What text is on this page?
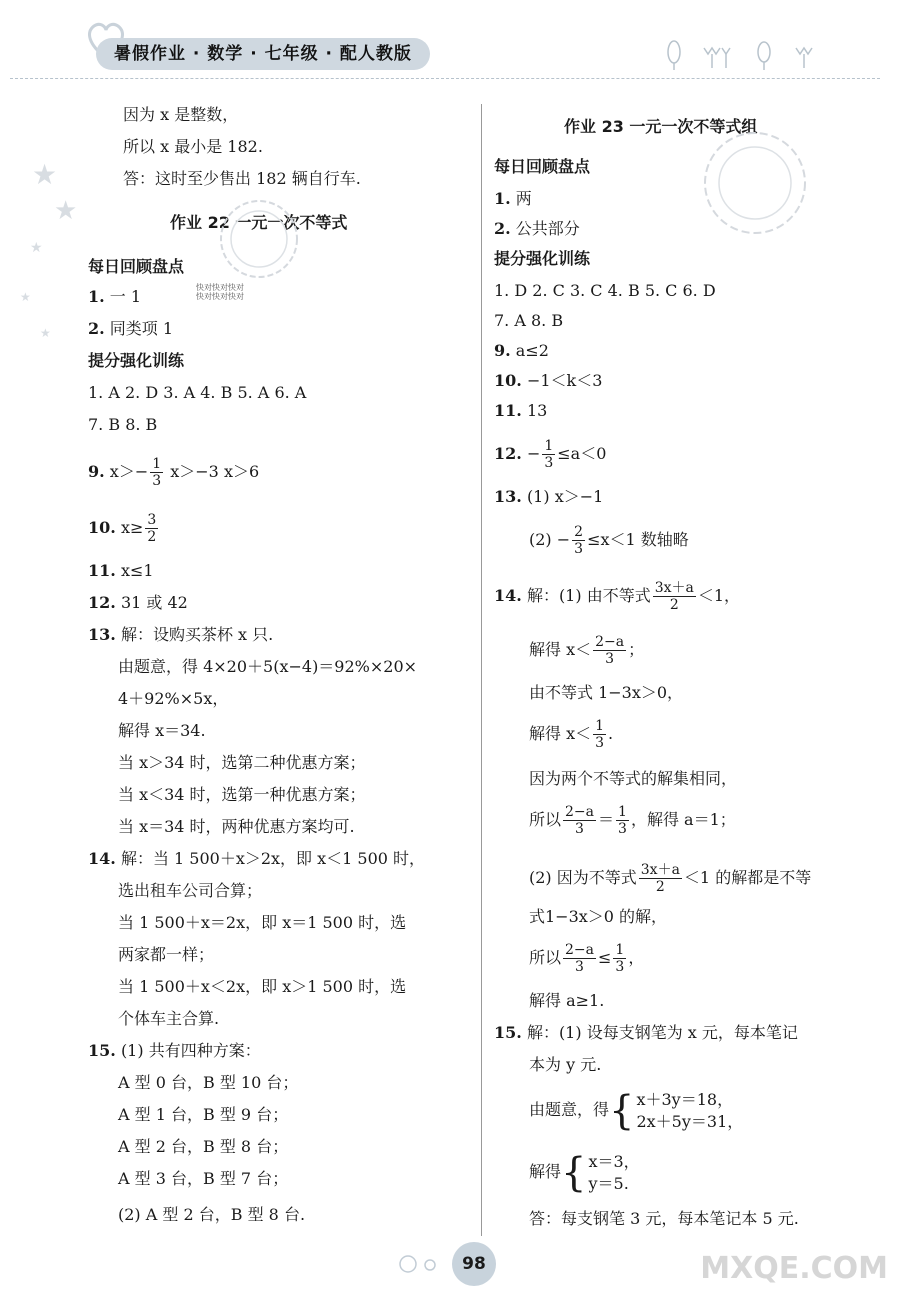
暑假作业 · 数学 · 七年级 · 配人教版
★
★
★
★
★
因为 x 是整数，
所以 x 最小是 182.
答：这时至少售出 182 辆自行车.
作业 22 一元一次不等式
每日回顾盘点
1. 一 1	快对快对快对
快对快对快对
2. 同类项 1
提分强化训练
1. A 2. D 3. A 4. B 5. A 6. A
7. B 8. B
9. $x>- \frac{1}{3} x>-3$ x＞6
10. $x\ge \frac{3}{2}$
11. x≤1
12. 31 或 42
13. 解：设购买茶杯 x 只.
由题意，得 4×20＋5(x−4)＝92%×20×
4＋92%×5x，
解得 x＝34.
当 x＞34 时，选第二种优惠方案；
当 x＜34 时，选第一种优惠方案；
当 x＝34 时，两种优惠方案均可.
14. 解：当 1 500＋x＞2x，即 x＜1 500 时，
选出租车公司合算；
当 1 500＋x＝2x，即 x＝1 500 时，选
两家都一样；
当 1 500＋x＜2x，即 x＞1 500 时，选
个体车主合算.
15. (1) 共有四种方案：
A 型 0 台，B 型 10 台；
A 型 1 台，B 型 9 台；
A 型 2 台，B 型 8 台；
A 型 3 台，B 型 7 台；
(2) A 型 2 台，B 型 8 台.
作业 23 一元一次不等式组
每日回顾盘点
1. 两
2. 公共部分
提分强化训练
1. D 2. C 3. C 4. B 5. C 6. D
7. A 8. B
9. a≤2
10. −1＜k＜3
11. 13
12. − $\frac{1}{3} \le a<0$
13. (1) x＞−1
$(2) - \frac{2}{3} \le x<1$ 数轴略
14. 解：(1) 由不等式 $\frac{3x+a}{2} <1$，
解得 $x< \frac{2-a}{3}$ ；
由不等式 1−3x＞0，
解得 $x< \frac{1}{3}$ .
因为两个不等式的解集相同，
所以 $\frac{2-a}{3} = \frac{1}{3}$ ，解得 a＝1；
(2) 因为不等式 $\frac{3x+a}{2} <1$ 的解都是不等
式1−3x＞0 的解，
所以 $\frac{2-a}{3} \le \frac{1}{3}$ ，
解得 a≥1.
15. 解：(1) 设每支钢笔为 x 元，每本笔记
本为 y 元.
由题意，得{ x＋3y＝18，
2x＋5y＝31，
解得{ x＝3，
y＝5.
答：每支钢笔 3 元，每本笔记本 5 元.
98	MXQE.COM
